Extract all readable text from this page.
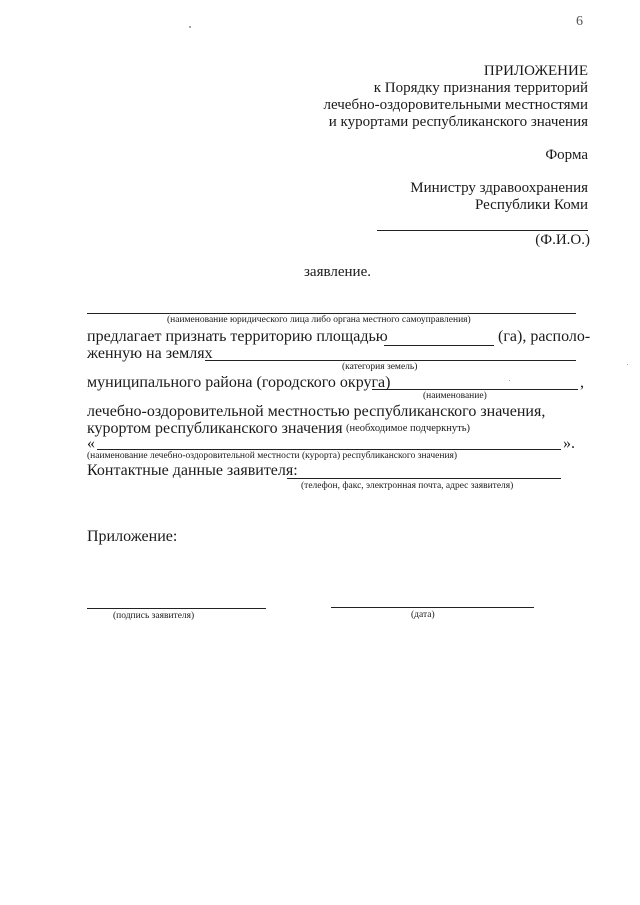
6
ПРИЛОЖЕНИЕ
к Порядку признания территорий
лечебно-оздоровительными местностями
и курортами республиканского значения
Форма
Министру здравоохранения
Республики Коми
(Ф.И.О.)
заявление.
(наименование юридического лица либо органа местного самоуправления)
предлагает признать территорию площадью	(га), располо-
женную на землях
(категория земель)
муниципального района (городского округа)	,
(наименование)
лечебно-оздоровительной местностью республиканского значения,
курортом республиканского значения (необходимое подчеркнуть)
«	».
(наименование лечебно-оздоровительной местности (курорта) республиканского значения)
Контактные данные заявителя:
(телефон, факс, электронная почта, адрес заявителя)
Приложение:
(подпись заявителя)	(дата)
